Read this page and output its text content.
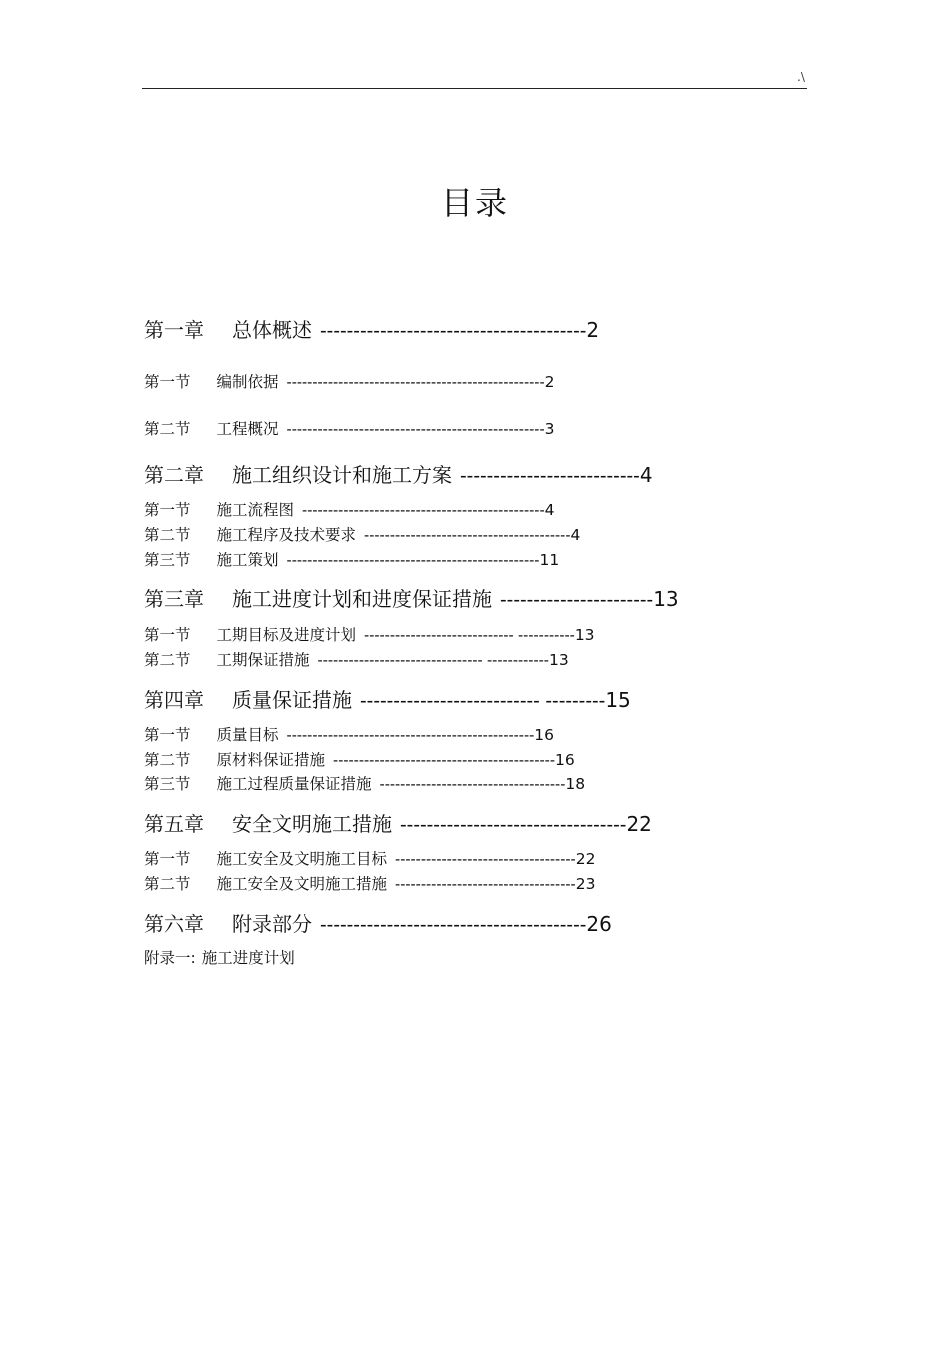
.\
目录
第一章 总体概述 ----------------------------------------2
第一节 编制依据 --------------------------------------------------2
第二节 工程概况 --------------------------------------------------3
第二章 施工组织设计和施工方案 ---------------------------4
第一节 施工流程图 -----------------------------------------------4
第二节 施工程序及技术要求 ----------------------------------------4
第三节 施工策划 -------------------------------------------------11
第三章 施工进度计划和进度保证措施 -----------------------13
第一节 工期目标及进度计划 ----------------------------- -----------13
第二节 工期保证措施 -------------------------------- ------------13
第四章 质量保证措施 --------------------------- ---------15
第一节 质量目标 ------------------------------------------------16
第二节 原材料保证措施 -------------------------------------------16
第三节 施工过程质量保证措施 ------------------------------------18
第五章 安全文明施工措施 ----------------------------------22
第一节 施工安全及文明施工目标 -----------------------------------22
第二节 施工安全及文明施工措施 -----------------------------------23
第六章 附录部分 ----------------------------------------26
附录一: 施工进度计划
